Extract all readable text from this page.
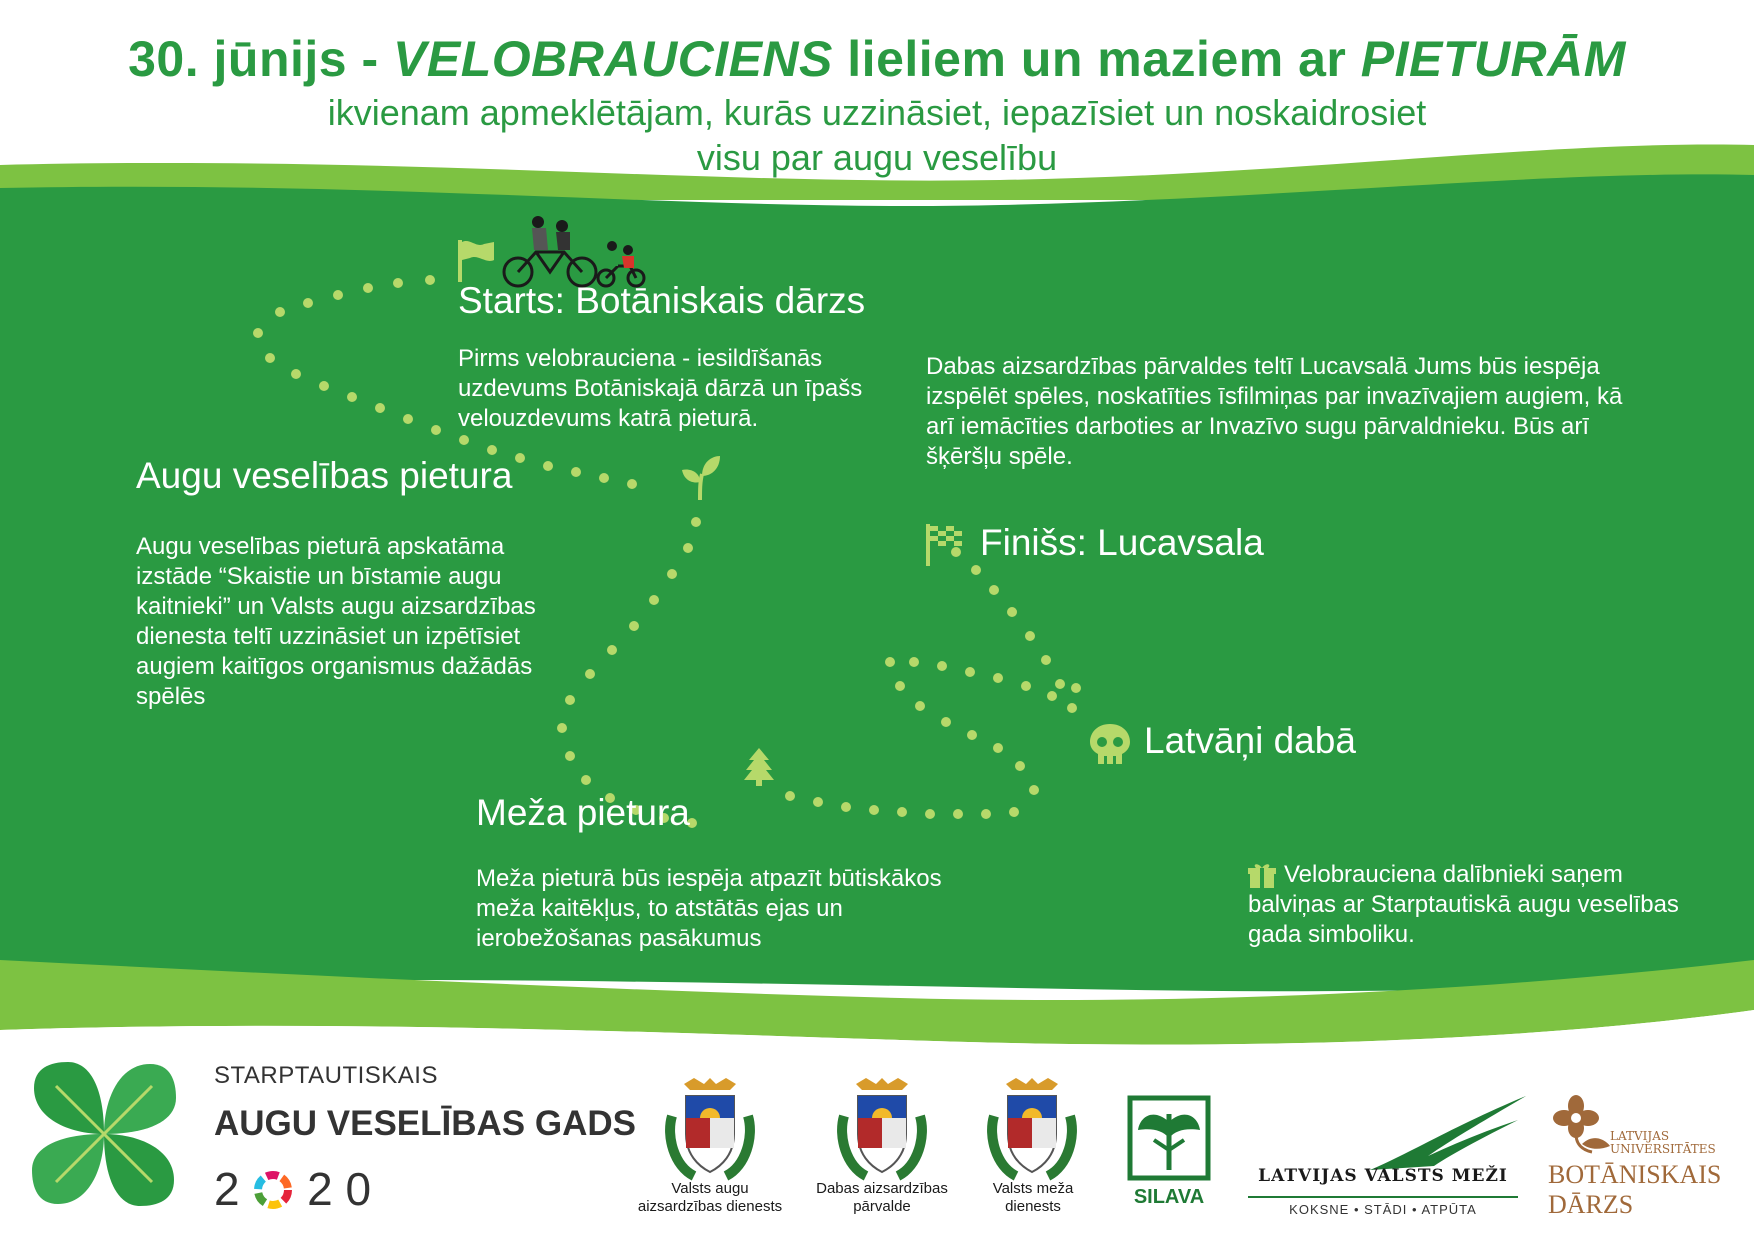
30. jūnijs - VELOBRAUCIENS lieliem un maziem ar PIETURĀM
ikvienam apmeklētājam, kurās uzzināsiet, iepazīsiet un noskaidrosiet
visu par augu veselību
Starts: Botāniskais dārzs
Pirms velobrauciena - iesildīšanās uzdevums Botāniskajā dārzā un īpašs velouzdevums katrā pieturā.
Dabas aizsardzības pārvaldes teltī Lucavsalā Jums būs iespēja izspēlēt spēles, noskatīties īsfilmiņas par invazīvajiem augiem, kā arī iemācīties darboties ar Invazīvo sugu pārvaldnieku. Būs arī šķēršļu spēle.
Augu veselības pietura
Augu veselības pieturā apskatāma izstāde “Skaistie un bīstamie augu kaitnieki” un Valsts augu aizsardzības dienesta teltī uzzināsiet un izpētīsiet augiem kaitīgos organismus dažādās spēlēs
Finišs: Lucavsala
Latvāņi dabā
Meža pietura
Meža pieturā būs iespēja atpazīt būtiskākos meža kaitēkļus, to atstātās ejas un ierobežošanas pasākumus
Velobrauciena dalībnieki saņem balviņas ar Starptautiskā augu veselības gada simboliku.
STARPTAUTISKAIS
AUGU VESELĪBAS GADS
2 2 0	Valsts augu
aizsardzības dienests
Dabas aizsardzības
pārvalde
Valsts meža
dienests	SILAVA
LATVIJAS VALSTS MEŽI
KOKSNE • STĀDI • ATPŪTA
LATVIJAS
UNIVERSITĀTES
BOTĀNISKAIS
DĀRZS
